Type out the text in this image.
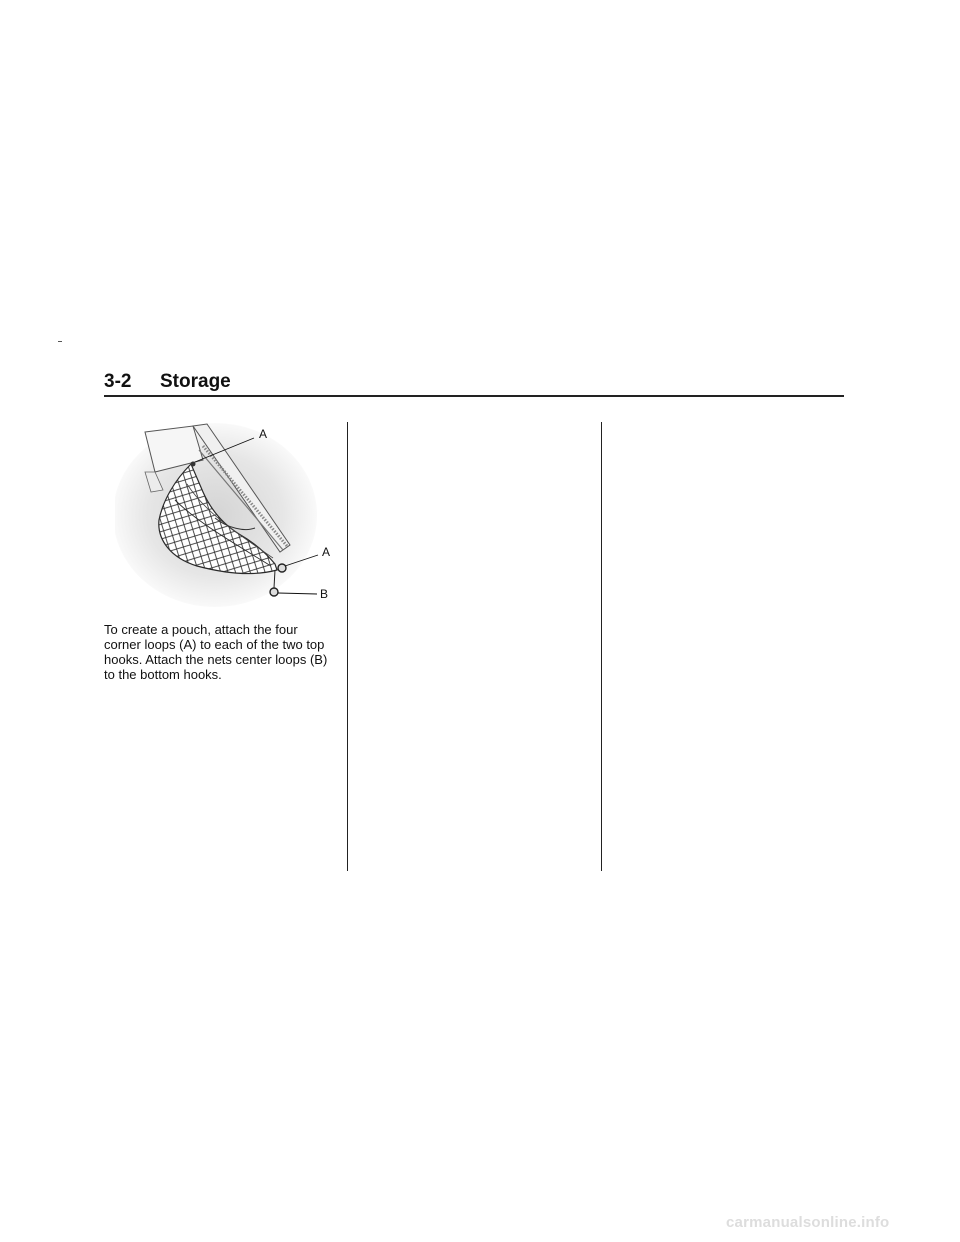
3-2 Storage
A
A
B

To create a pouch, attach the four corner loops (A) to each of the two top hooks. Attach the nets center loops (B) to the bottom hooks.

carmanualsonline.info
